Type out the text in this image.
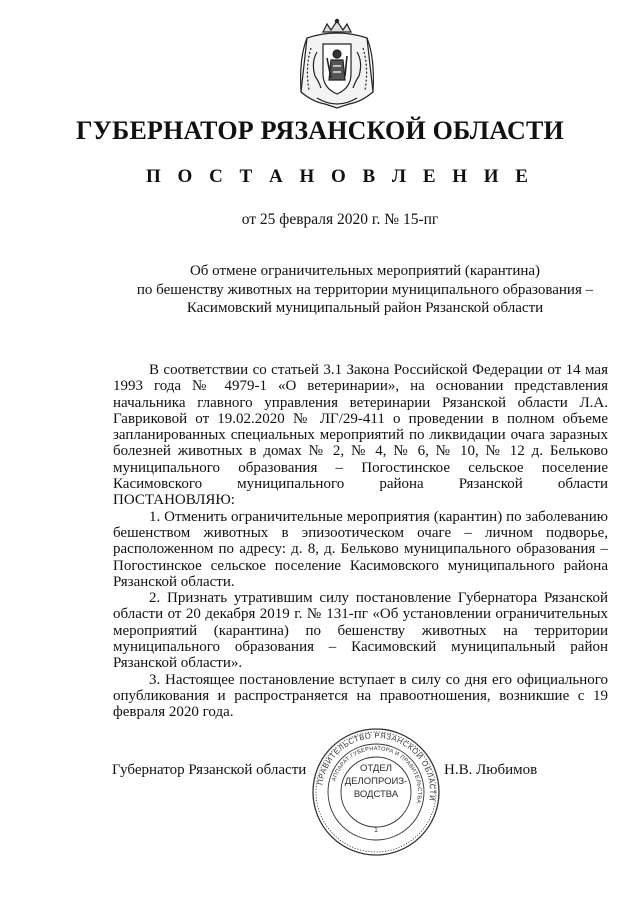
ГУБЕРНАТОР РЯЗАНСКОЙ ОБЛАСТИ
П О С Т А Н О В Л Е Н И Е
от 25 февраля 2020 г. № 15-пг
Об отмене ограничительных мероприятий (карантина)
по бешенству животных на территории муниципального образования –
Касимовский муниципальный район Рязанской области

В соответствии со статьей 3.1 Закона Российской Федерации от 14 мая 1993 года № 4979-1 «О ветеринарии», на основании представления начальника главного управления ветеринарии Рязанской области Л.А. Гавриковой от 19.02.2020 № ЛГ/29-411 о проведении в полном объеме запланированных специальных мероприятий по ликвидации очага заразных болезней животных в домах № 2, № 4, № 6, № 10, № 12 д. Бельково муниципального образования – Погостинское сельское поселение Касимовского муниципального района Рязанской области ПОСТАНОВЛЯЮ:

1. Отменить ограничительные мероприятия (карантин) по заболеванию бешенством животных в эпизоотическом очаге – личном подворье, расположенном по адресу: д. 8, д. Бельково муниципального образования – Погостинское сельское поселение Касимовского муниципального района Рязанской области.

2. Признать утратившим силу постановление Губернатора Рязанской области от 20 декабря 2019 г. № 131-пг «Об установлении ограничительных мероприятий (карантина) по бешенству животных на территории муниципального образования – Касимовский муниципальный район Рязанской области».

3. Настоящее постановление вступает в силу со дня его официального опубликования и распространяется на правоотношения, возникшие с 19 февраля 2020 года.

Губернатор Рязанской области	Н.В. Любимов
ПРАВИТЕЛЬСТВО РЯЗАНСКОЙ ОБЛАСТИ
АППАРАТ ГУБЕРНАТОРА И ПРАВИТЕЛЬСТВА
1
ОТДЕЛ
ДЕЛОПРОИЗ-
ВОДСТВА
